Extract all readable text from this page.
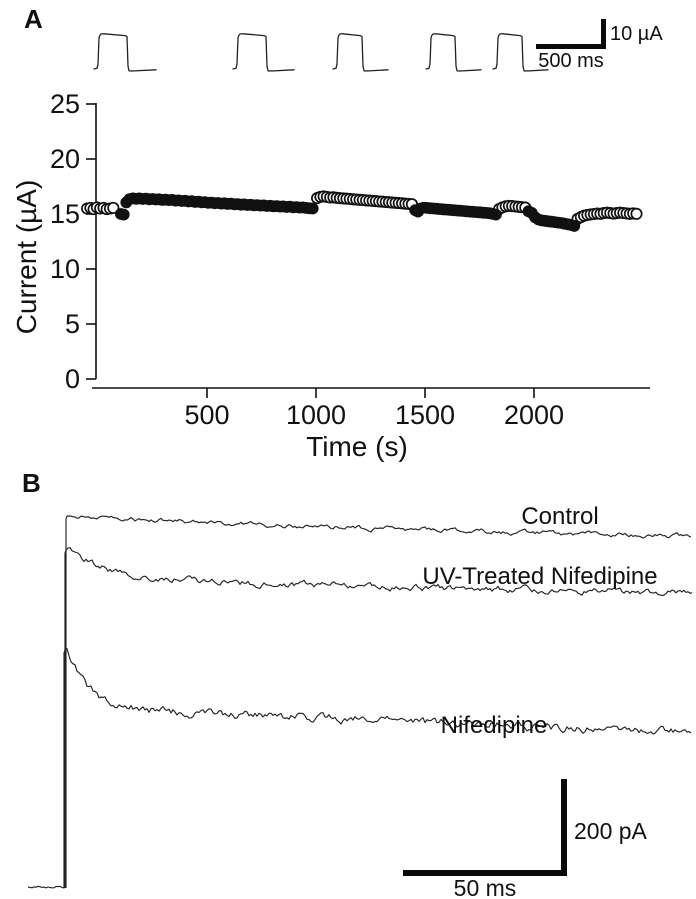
A	10 µA
500 ms
0
5
10
15
20
25
500 1000 1500 2000
Current (µA)
Time (s)
B
Control
UV-Treated Nifedipine
Nifedipine
200 pA
50 ms
